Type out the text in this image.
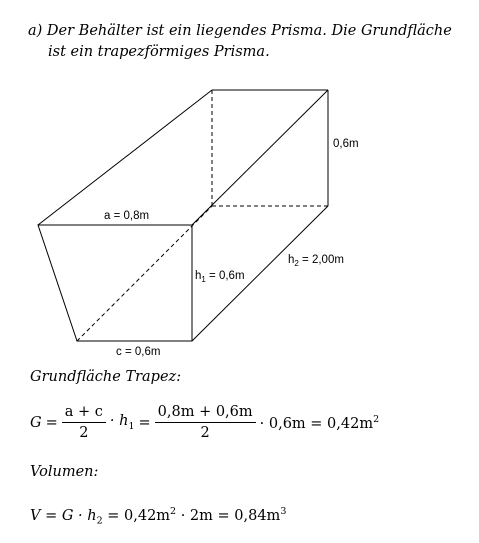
a) Der Behälter ist ein liegendes Prisma. Die Grundfläche
ist ein trapezförmiges Prisma.
a = 0,8m
$h_1 = 0,6m$
$h_2 = 2,00m$
c = 0,6m
0,6m
Grundfläche Trapez:
$G = \frac{a + c}{2} \cdot h_1 = \frac{0,8m + 0,6m}{2} \cdot 0,6m = 0,42m^2$
Volumen:
$V = G \cdot h_2 = 0,42m^2 \cdot 2m = 0,84m^3$
